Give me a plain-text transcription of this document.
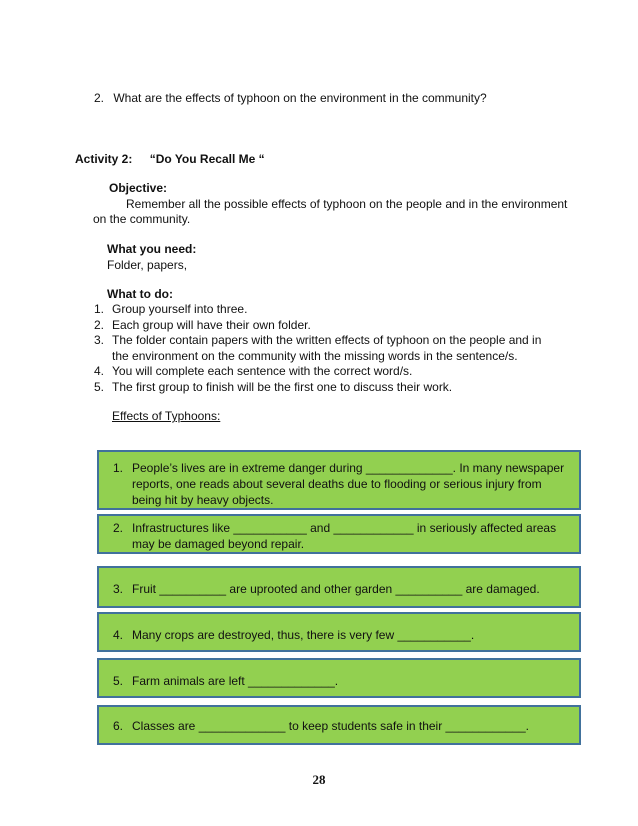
2. What are the effects of typhoon on the environment in the community?
Activity 2: “Do You Recall Me “
Objective:
Remember all the possible effects of typhoon on the people and in the environment
on the community.
What you need:
Folder, papers,
What to do:
1. Group yourself into three.
2. Each group will have their own folder.
3. The folder contain papers with the written effects of typhoon on the people and in the environment on the community with the missing words in the sentence/s.
4. You will complete each sentence with the correct word/s.
5. The first group to finish will be the first one to discuss their work.
Effects of Typhoons:
1. People’s lives are in extreme danger during _____________. In many newspaper reports, one reads about several deaths due to flooding or serious injury from being hit by heavy objects.
2. Infrastructures like ___________ and ____________ in seriously affected areas may be damaged beyond repair.
3. Fruit __________ are uprooted and other garden __________ are damaged.
4. Many crops are destroyed, thus, there is very few ___________.
5. Farm animals are left _____________.
6. Classes are _____________ to keep students safe in their ____________.
28
